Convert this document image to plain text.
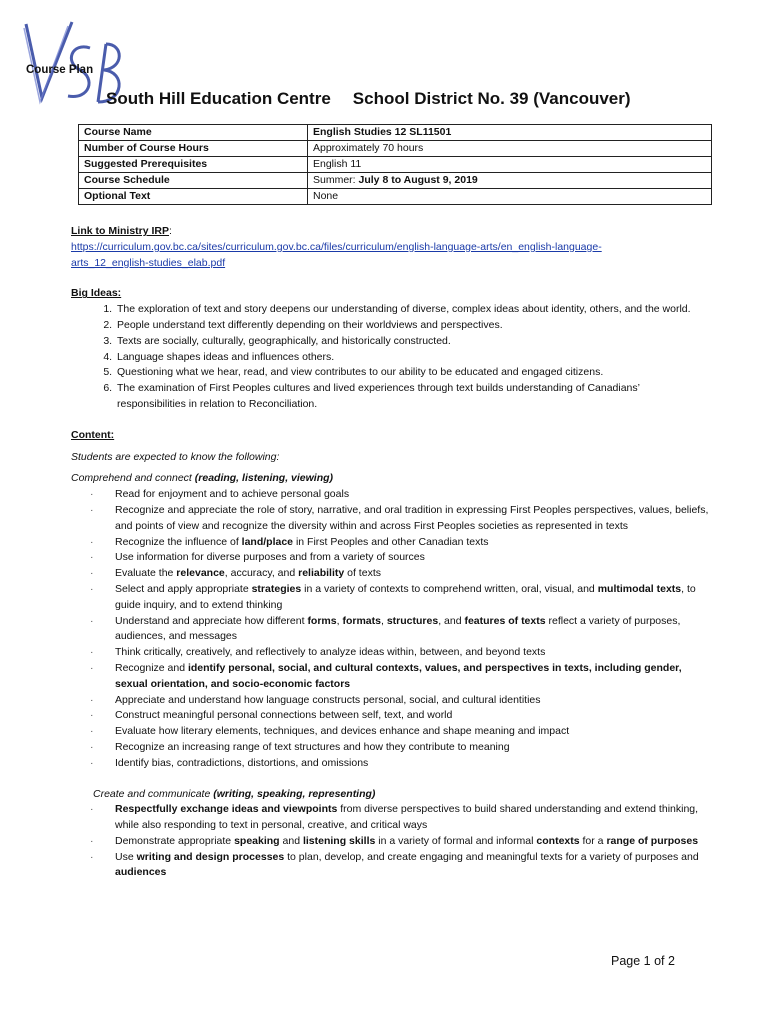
Course Plan
South Hill Education Centre School District No. 39 (Vancouver)
Course Name	English Studies 12 SL11501
Number of Course Hours	Approximately 70 hours
Suggested Prerequisites	English 11
Course Schedule	Summer: July 8 to August 9, 2019
Optional Text	None
Link to Ministry IRP:
https://curriculum.gov.bc.ca/sites/curriculum.gov.bc.ca/files/curriculum/english-language-arts/en_english-language-
arts_12_english-studies_elab.pdf
Big Ideas:
1. The exploration of text and story deepens our understanding of diverse, complex ideas about identity, others, and the world.
2. People understand text differently depending on their worldviews and perspectives.
3. Texts are socially, culturally, geographically, and historically constructed.
4. Language shapes ideas and influences others.
5. Questioning what we hear, read, and view contributes to our ability to be educated and engaged citizens.
6. The examination of First Peoples cultures and lived experiences through text builds understanding of Canadians’ responsibilities in relation to Reconciliation.
Content:
Students are expected to know the following:
Comprehend and connect (reading, listening, viewing)
· Read for enjoyment and to achieve personal goals
· Recognize and appreciate the role of story, narrative, and oral tradition in expressing First Peoples perspectives, values, beliefs, and points of view and recognize the diversity within and across First Peoples societies as represented in texts
· Recognize the influence of land/place in First Peoples and other Canadian texts
· Use information for diverse purposes and from a variety of sources
· Evaluate the relevance, accuracy, and reliability of texts
· Select and apply appropriate strategies in a variety of contexts to comprehend written, oral, visual, and multimodal texts, to guide inquiry, and to extend thinking
· Understand and appreciate how different forms, formats, structures, and features of texts reflect a variety of purposes, audiences, and messages
· Think critically, creatively, and reflectively to analyze ideas within, between, and beyond texts
· Recognize and identify personal, social, and cultural contexts, values, and perspectives in texts, including gender, sexual orientation, and socio-economic factors
· Appreciate and understand how language constructs personal, social, and cultural identities
· Construct meaningful personal connections between self, text, and world
· Evaluate how literary elements, techniques, and devices enhance and shape meaning and impact
· Recognize an increasing range of text structures and how they contribute to meaning
· Identify bias, contradictions, distortions, and omissions
Create and communicate (writing, speaking, representing)
· Respectfully exchange ideas and viewpoints from diverse perspectives to build shared understanding and extend thinking, while also responding to text in personal, creative, and critical ways
· Demonstrate appropriate speaking and listening skills in a variety of formal and informal contexts for a range of purposes
· Use writing and design processes to plan, develop, and create engaging and meaningful texts for a variety of purposes and audiences
Page 1 of 2
